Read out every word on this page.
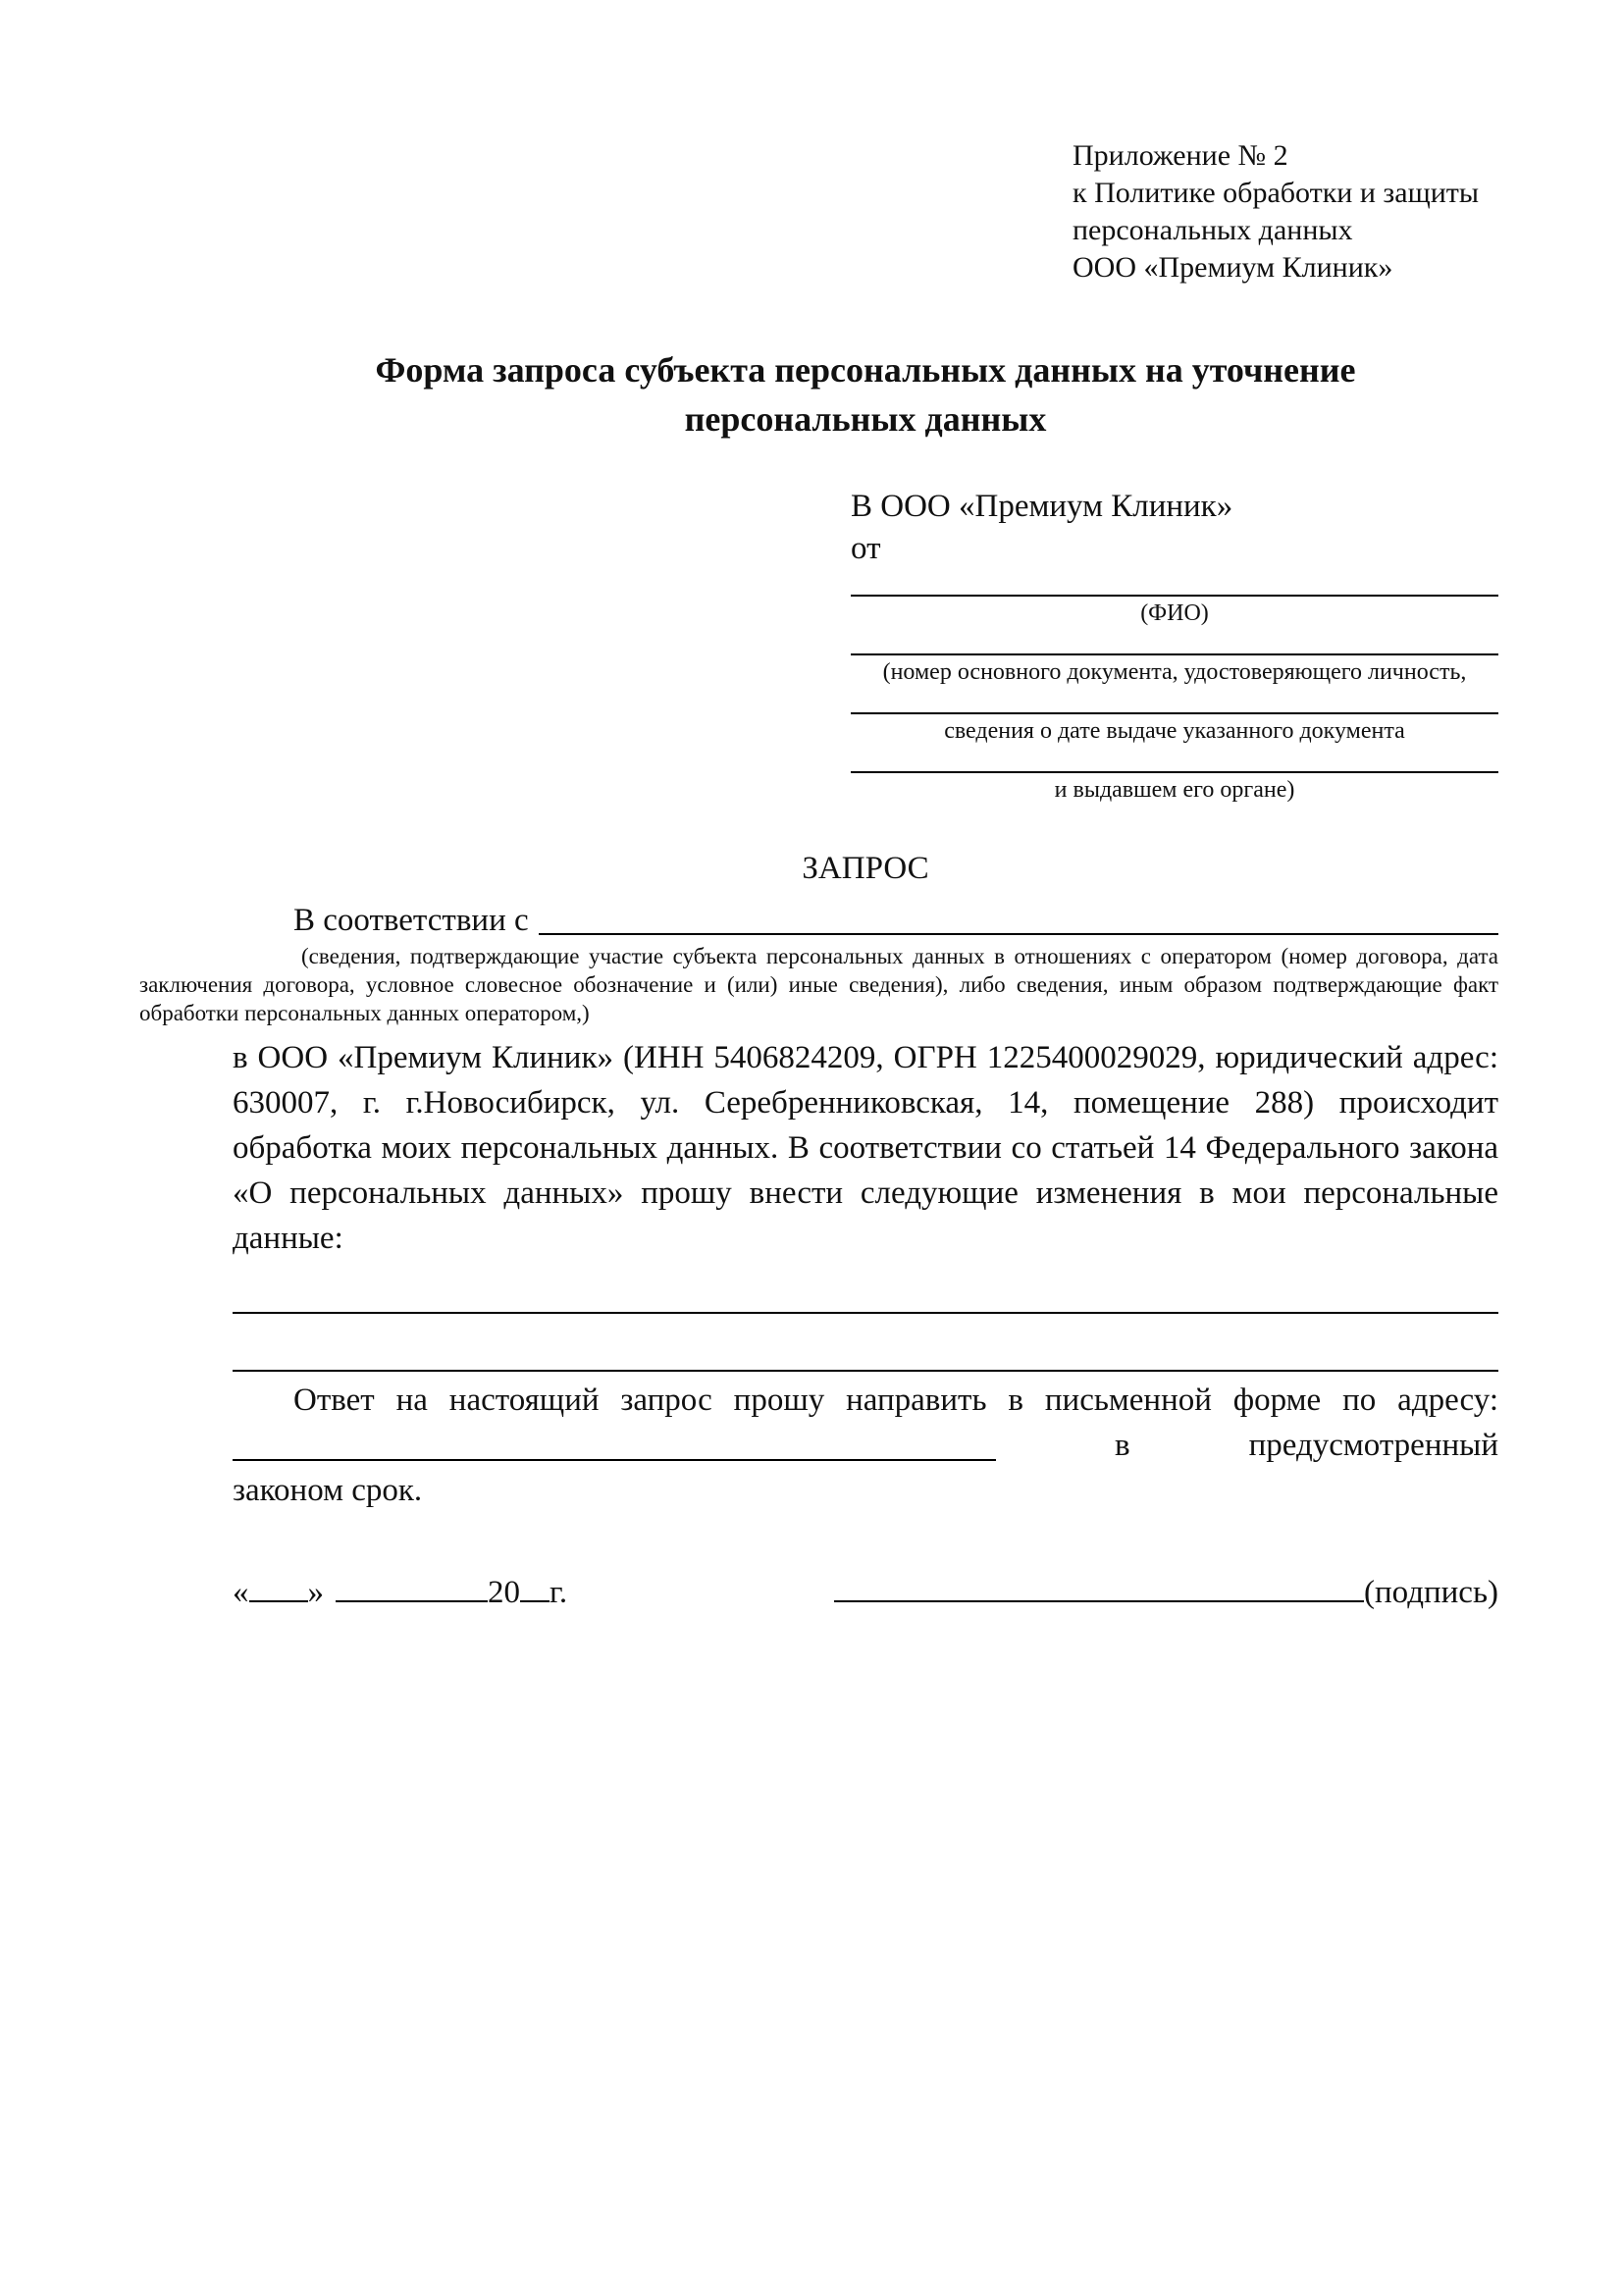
Приложение № 2
к Политике обработки и защиты
персональных данных
ООО «Премиум Клиник»
Форма запроса субъекта персональных данных на уточнение
персональных данных
В ООО «Премиум Клиник»
от
(ФИО)
(номер основного документа, удостоверяющего личность,
сведения о дате выдаче указанного документа
и выдавшем его органе)
ЗАПРОС
В соответствии с
(сведения, подтверждающие участие субъекта персональных данных в отношениях с оператором (номер договора, дата заключения договора, условное словесное обозначение и (или) иные сведения), либо сведения, иным образом подтверждающие факт обработки персональных данных оператором,)
в ООО «Премиум Клиник» (ИНН 5406824209, ОГРН 1225400029029, юридический адрес: 630007, г. г.Новосибирск, ул. Серебренниковская, 14, помещение 288) происходит обработка моих персональных данных. В соответствии со статьей 14 Федерального закона «О персональных данных» прошу внести следующие изменения в мои персональные данные:
Ответ на настоящий запрос прошу направить в письменной форме по адресу:
в	предусмотренный
законом срок.
« »	20 г.	(подпись)
